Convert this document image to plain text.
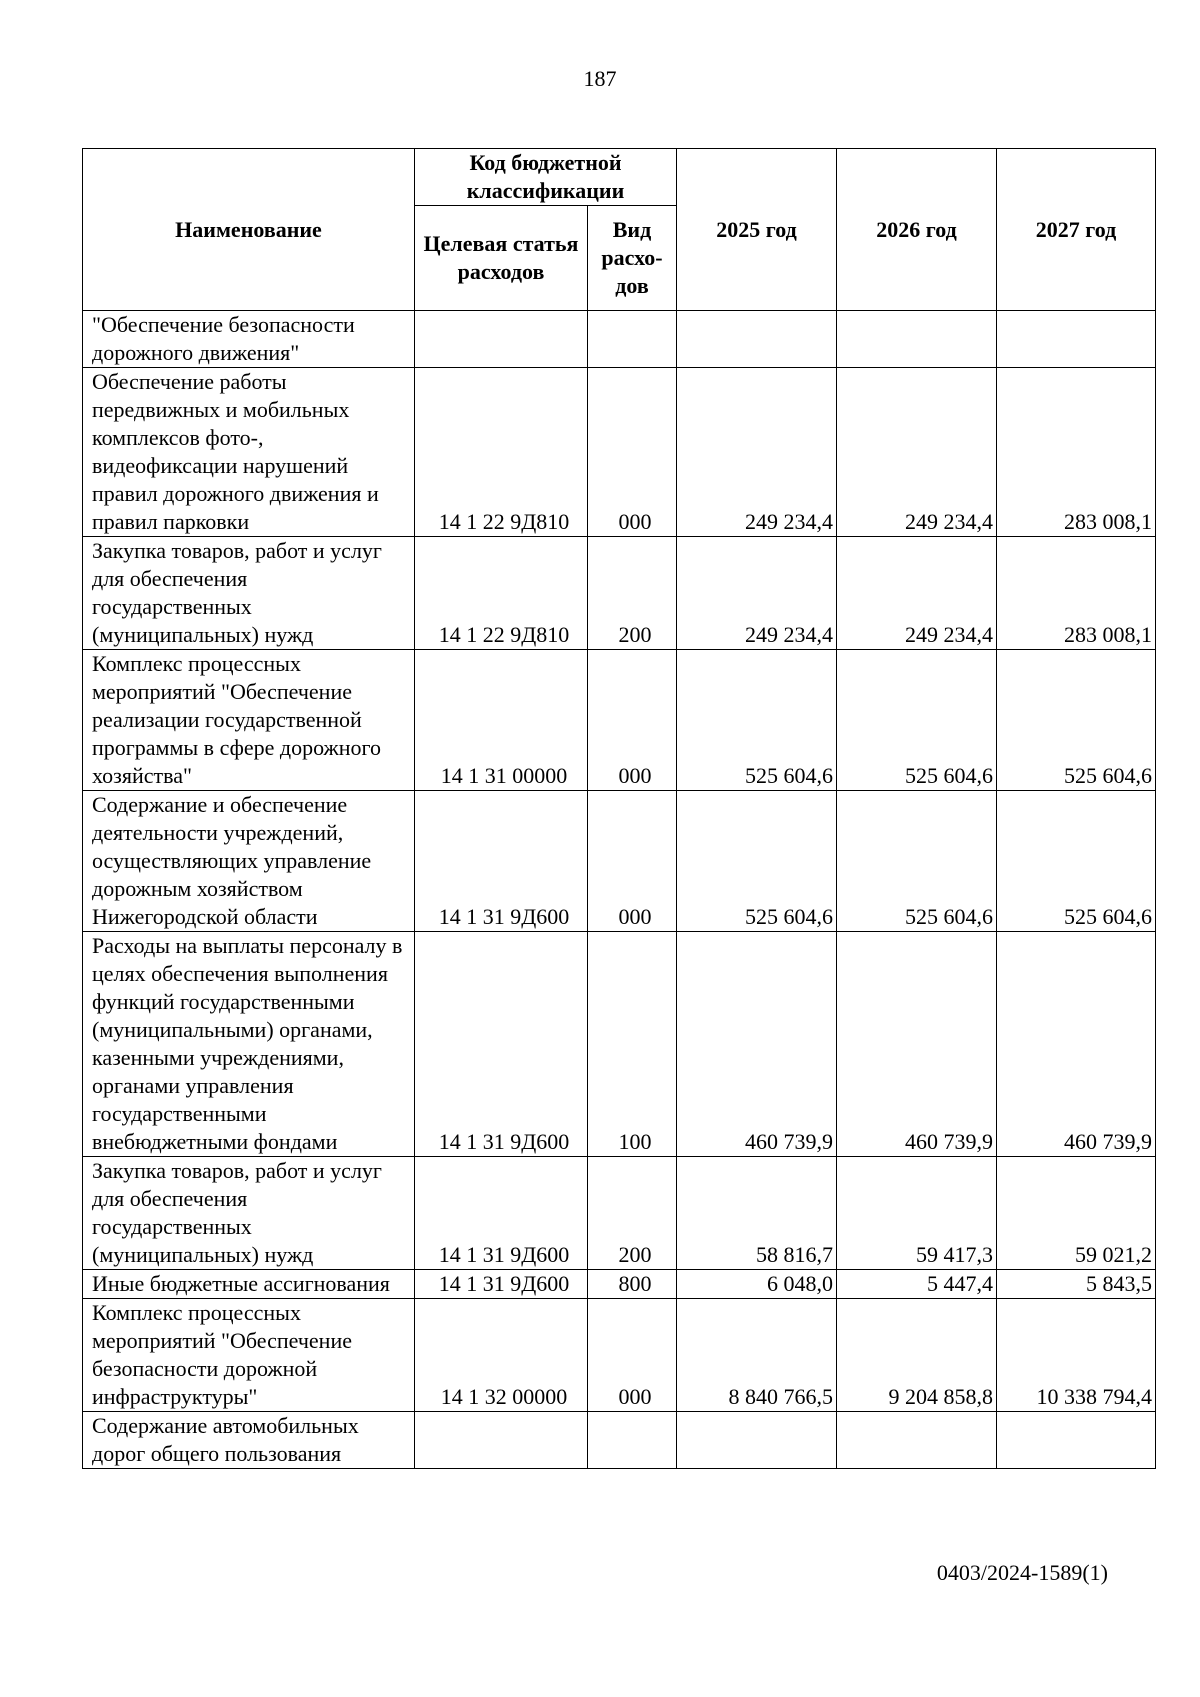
187
Наименование	Код бюджетной классификации		2025 год	2026 год	2027 год
	Целевая статья расходов	Вид расхо-дов			
"Обеспечение безопасности дорожного движения"					
Обеспечение работы передвижных и мобильных комплексов фото-, видеофиксации нарушений правил дорожного движения и правил парковки	14 1 22 9Д810	000	249 234,4	249 234,4	283 008,1
Закупка товаров, работ и услуг для обеспечения государственных (муниципальных) нужд	14 1 22 9Д810	200	249 234,4	249 234,4	283 008,1
Комплекс процессных мероприятий "Обеспечение реализации государственной программы в сфере дорожного хозяйства"	14 1 31 00000	000	525 604,6	525 604,6	525 604,6
Содержание и обеспечение деятельности учреждений, осуществляющих управление дорожным хозяйством Нижегородской области	14 1 31 9Д600	000	525 604,6	525 604,6	525 604,6
Расходы на выплаты персоналу в целях обеспечения выполнения функций государственными (муниципальными) органами, казенными учреждениями, органами управления государственными внебюджетными фондами	14 1 31 9Д600	100	460 739,9	460 739,9	460 739,9
Закупка товаров, работ и услуг для обеспечения государственных (муниципальных) нужд	14 1 31 9Д600	200	58 816,7	59 417,3	59 021,2
Иные бюджетные ассигнования	14 1 31 9Д600	800	6 048,0	5 447,4	5 843,5
Комплекс процессных мероприятий "Обеспечение безопасности дорожной инфраструктуры"	14 1 32 00000	000	8 840 766,5	9 204 858,8	10 338 794,4
Содержание автомобильных дорог общего пользования					
0403/2024-1589(1)
